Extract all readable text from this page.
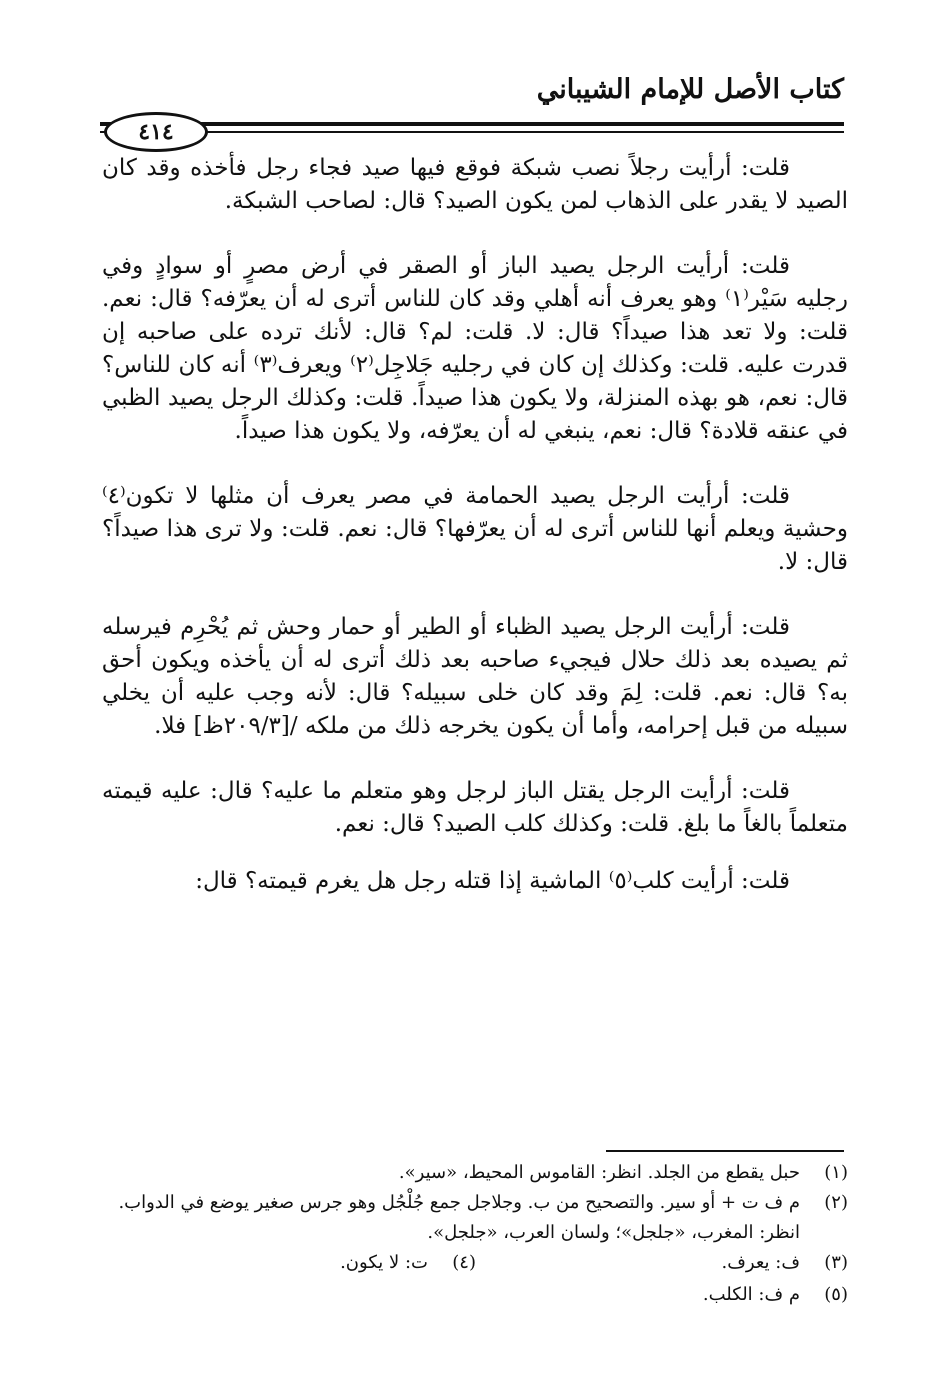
كتاب الأصل للإمام الشيباني
٤١٤

قلت: أرأيت رجلاً نصب شبكة فوقع فيها صيد فجاء رجل فأخذه وقد كان الصيد لا يقدر على الذهاب لمن يكون الصيد؟ قال: لصاحب الشبكة.

قلت: أرأيت الرجل يصيد الباز أو الصقر في أرض مصرٍ أو سوادٍ وفي رجليه سَيْر⁽١⁾ وهو يعرف أنه أهلي وقد كان للناس أترى له أن يعرّفه؟ قال: نعم. قلت: ولا تعد هذا صيداً؟ قال: لا. قلت: لم؟ قال: لأنك ترده على صاحبه إن قدرت عليه. قلت: وكذلك إن كان في رجليه جَلاجِل⁽٢⁾ ويعرف⁽٣⁾ أنه كان للناس؟ قال: نعم، هو بهذه المنزلة، ولا يكون هذا صيداً. قلت: وكذلك الرجل يصيد الظبي في عنقه قلادة؟ قال: نعم، ينبغي له أن يعرّفه، ولا يكون هذا صيداً.

قلت: أرأيت الرجل يصيد الحمامة في مصر يعرف أن مثلها لا تكون⁽٤⁾ وحشية ويعلم أنها للناس أترى له أن يعرّفها؟ قال: نعم. قلت: ولا ترى هذا صيداً؟ قال: لا.

قلت: أرأيت الرجل يصيد الظباء أو الطير أو حمار وحش ثم يُحْرِم فيرسله ثم يصيده بعد ذلك حلال فيجيء صاحبه بعد ذلك أترى له أن يأخذه ويكون أحق به؟ قال: نعم. قلت: لِمَ وقد كان خلى سبيله؟ قال: لأنه وجب عليه أن يخلي سبيله من قبل إحرامه، وأما أن يكون يخرجه ذلك من ملكه /[٢٠٩/٣ظ] فلا.

قلت: أرأيت الرجل يقتل الباز لرجل وهو متعلم ما عليه؟ قال: عليه قيمته متعلماً بالغاً ما بلغ. قلت: وكذلك كلب الصيد؟ قال: نعم.

قلت: أرأيت كلب⁽٥⁾ الماشية إذا قتله رجل هل يغرم قيمته؟ قال:

(١)
حبل يقطع من الجلد. انظر: القاموس المحيط، «سير».

(٢)
م ف ت + أو سير. والتصحيح من ب. وجلاجل جمع جُلْجُل وهو جرس صغير يوضع في الدواب. انظر: المغرب، «جلجل»؛ ولسان العرب، «جلجل».

(٣)
ف: يعرف.
(٤)
ت: لا يكون.

(٥)
م ف: الكلب.
